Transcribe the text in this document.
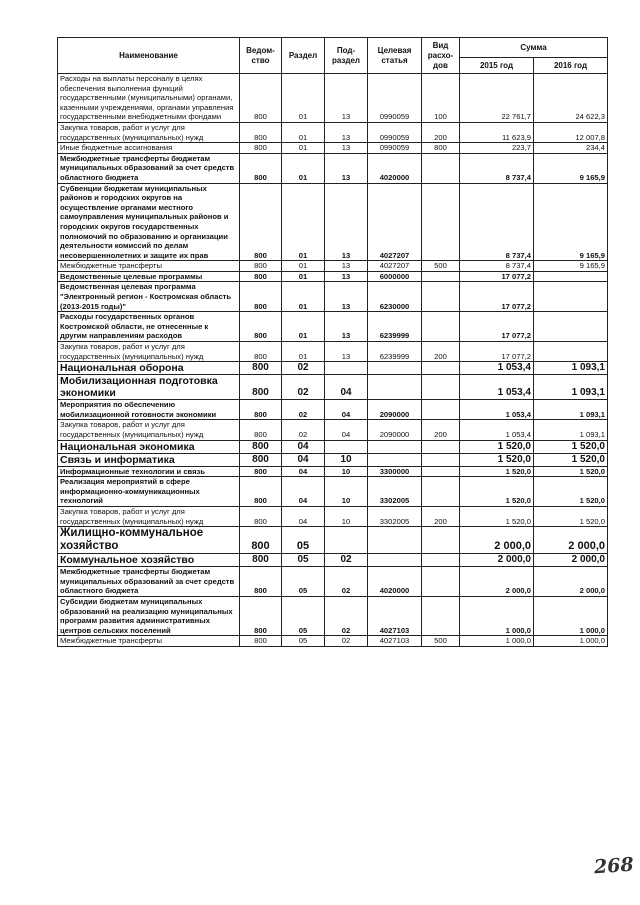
Наименование	Ведом-ство	Раздел	Под-раздел	Целевая статья	Вид расхо-дов	Сумма	
						2015 год	2016 год
Расходы на выплаты персоналу в целях обеспечения выполнения функций государственными (муниципальными) органами, казенными учреждениями, органами управления государственными внебюджетными фондами	800	01	13	0990059	100	22 761,7	24 622,3
Закупка товаров, работ и услуг для государственных (муниципальных) нужд	800	01	13	0990059	200	11 623,9	12 007,8
Иные бюджетные ассигнования	800	01	13	0990059	800	223,7	234,4
Межбюджетные трансферты бюджетам муниципальных образований за счет средств областного бюджета	800	01	13	4020000		8 737,4	9 165,9
Субвенции бюджетам муниципальных районов и городских округов на осуществление органами местного самоуправления муниципальных районов и городских округов государственных полномочий по образованию и организации деятельности комиссий по делам несовершеннолетних и защите их прав	800	01	13	4027207		8 737,4	9 165,9
Межбюджетные трансферты	800	01	13	4027207	500	8 737,4	9 165,9
Ведомственные целевые программы	800	01	13	6000000		17 077,2	
Ведомственная целевая программа "Электронный регион - Костромская область (2013-2015 годы)"	800	01	13	6230000		17 077,2	
Расходы государственных органов Костромской области, не отнесенные к другим направлениям расходов	800	01	13	6239999		17 077,2	
Закупка товаров, работ и услуг для государственных (муниципальных) нужд	800	01	13	6239999	200	17 077,2	
Национальная оборона	800	02				1 053,4	1 093,1
Мобилизационная подготовка экономики	800	02	04			1 053,4	1 093,1
Мероприятия по обеспечению мобилизационной готовности экономики	800	02	04	2090000		1 053,4	1 093,1
Закупка товаров, работ и услуг для государственных (муниципальных) нужд	800	02	04	2090000	200	1 053,4	1 093,1
Национальная экономика	800	04				1 520,0	1 520,0
Связь и информатика	800	04	10			1 520,0	1 520,0
Информационные технологии и связь	800	04	10	3300000		1 520,0	1 520,0
Реализация мероприятий в сфере информационно-коммуникационных технологий	800	04	10	3302005		1 520,0	1 520,0
Закупка товаров, работ и услуг для государственных (муниципальных) нужд	800	04	10	3302005	200	1 520,0	1 520,0
Жилищно-коммунальное хозяйство	800	05				2 000,0	2 000,0
Коммунальное хозяйство	800	05	02			2 000,0	2 000,0
Межбюджетные трансферты бюджетам муниципальных образований за счет средств областного бюджета	800	05	02	4020000		2 000,0	2 000,0
Субсидии бюджетам муниципальных образований на реализацию муниципальных программ развития административных центров сельских поселений	800	05	02	4027103		1 000,0	1 000,0
Межбюджетные трансферты	800	05	02	4027103	500	1 000,0	1 000,0
268
